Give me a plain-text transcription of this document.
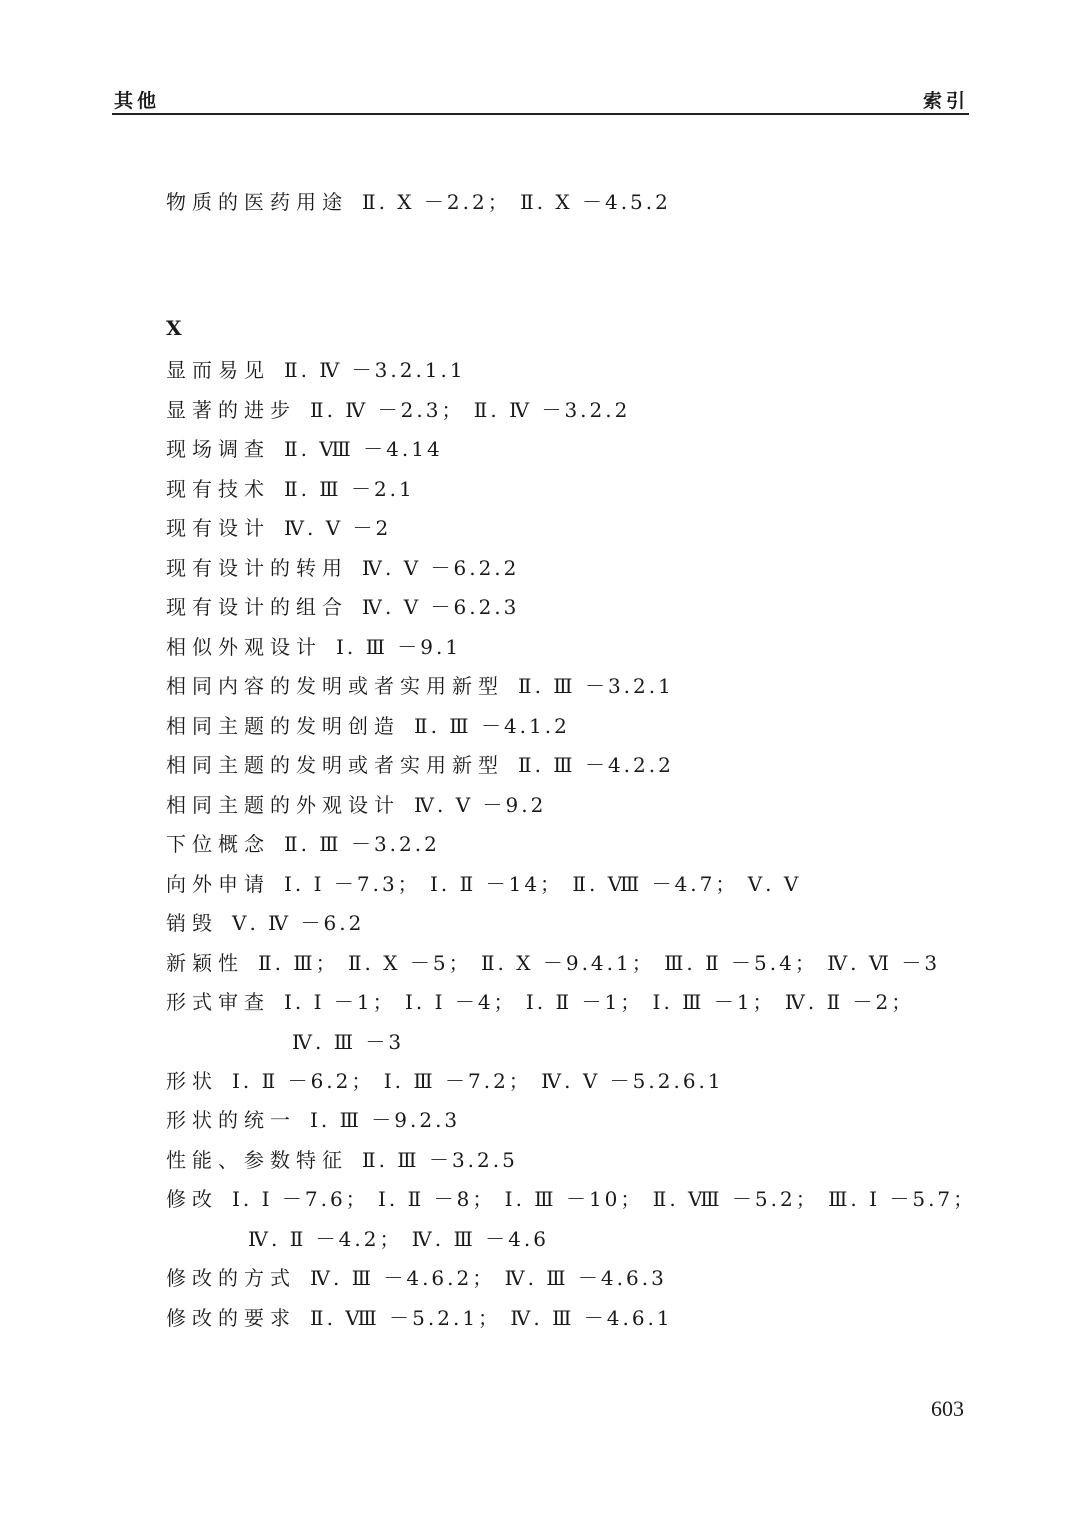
其他	索引
物质的医药用途 Ⅱ. Ⅹ －2.2； Ⅱ. Ⅹ －4.5.2
X
显而易见 Ⅱ. Ⅳ －3.2.1.1
显著的进步 Ⅱ. Ⅳ －2.3； Ⅱ. Ⅳ －3.2.2
现场调查 Ⅱ. Ⅷ －4.14
现有技术 Ⅱ. Ⅲ －2.1
现有设计 Ⅳ. Ⅴ －2
现有设计的转用 Ⅳ. Ⅴ －6.2.2
现有设计的组合 Ⅳ. Ⅴ －6.2.3
相似外观设计 Ⅰ. Ⅲ －9.1
相同内容的发明或者实用新型 Ⅱ. Ⅲ －3.2.1
相同主题的发明创造 Ⅱ. Ⅲ －4.1.2
相同主题的发明或者实用新型 Ⅱ. Ⅲ －4.2.2
相同主题的外观设计 Ⅳ. Ⅴ －9.2
下位概念 Ⅱ. Ⅲ －3.2.2
向外申请 Ⅰ. Ⅰ －7.3； Ⅰ. Ⅱ －14； Ⅱ. Ⅷ －4.7； Ⅴ. Ⅴ
销毁 Ⅴ. Ⅳ －6.2
新颖性 Ⅱ. Ⅲ； Ⅱ. Ⅹ －5； Ⅱ. Ⅹ －9.4.1； Ⅲ. Ⅱ －5.4； Ⅳ. Ⅵ －3
形式审查 Ⅰ. Ⅰ －1； Ⅰ. Ⅰ －4； Ⅰ. Ⅱ －1； Ⅰ. Ⅲ －1； Ⅳ. Ⅱ －2；
Ⅳ. Ⅲ －3
形状 Ⅰ. Ⅱ －6.2； Ⅰ. Ⅲ －7.2； Ⅳ. Ⅴ －5.2.6.1
形状的统一 Ⅰ. Ⅲ －9.2.3
性能、参数特征 Ⅱ. Ⅲ －3.2.5
修改 Ⅰ. Ⅰ －7.6； Ⅰ. Ⅱ －8； Ⅰ. Ⅲ －10； Ⅱ. Ⅷ －5.2； Ⅲ. Ⅰ －5.7；
Ⅳ. Ⅱ －4.2； Ⅳ. Ⅲ －4.6
修改的方式 Ⅳ. Ⅲ －4.6.2； Ⅳ. Ⅲ －4.6.3
修改的要求 Ⅱ. Ⅷ －5.2.1； Ⅳ. Ⅲ －4.6.1
603
